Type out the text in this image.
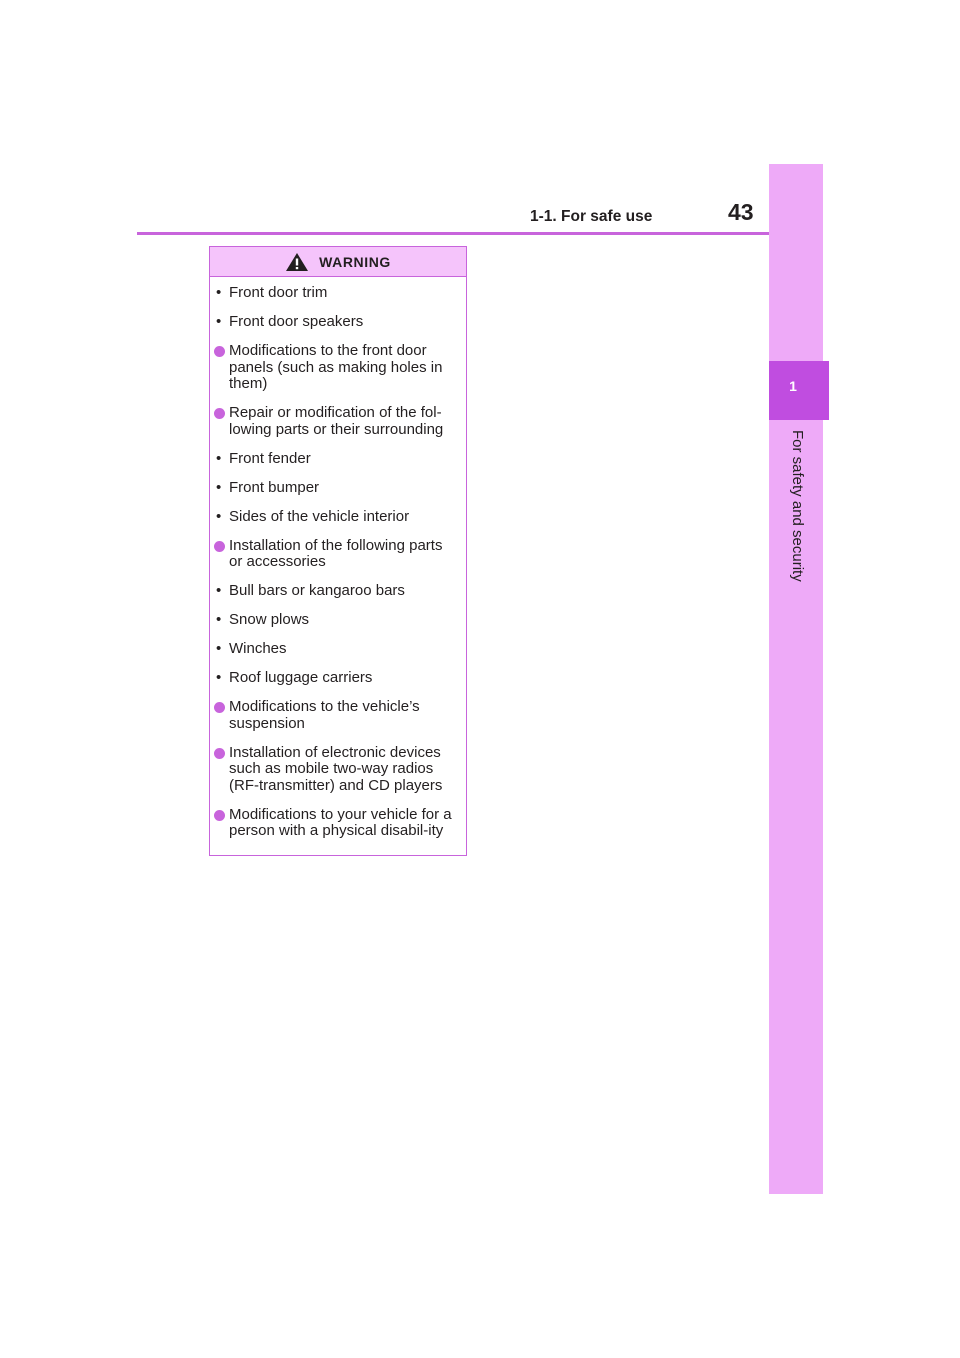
1-1. For safe use	43
1
For safety and security
WARNING
• Front door trim
• Front door speakers
Modifications to the front door panels (such as making holes in them)
Repair or modification of the fol-lowing parts or their surrounding
• Front fender
• Front bumper
• Sides of the vehicle interior
Installation of the following parts or accessories
• Bull bars or kangaroo bars
• Snow plows
• Winches
• Roof luggage carriers
Modifications to the vehicle’s suspension
Installation of electronic devices such as mobile two-way radios (RF-transmitter) and CD players
Modifications to your vehicle for a person with a physical disabil-ity
